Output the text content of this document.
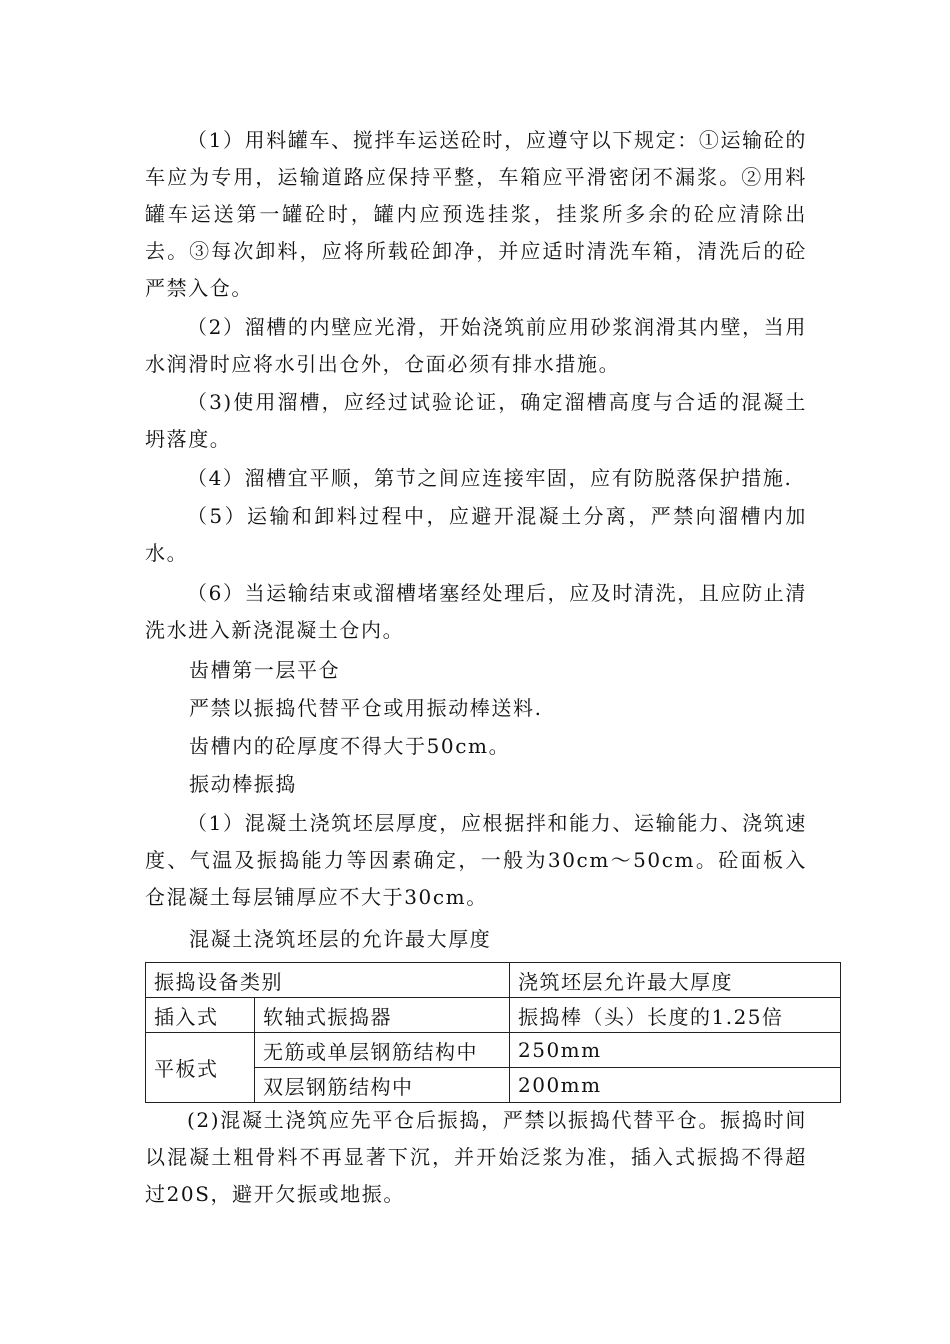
（1）用料罐车、搅拌车运送砼时，应遵守以下规定：①运输砼的车应为专用，运输道路应保持平整，车箱应平滑密闭不漏浆。②用料罐车运送第一罐砼时，罐内应预选挂浆，挂浆所多余的砼应清除出去。③每次卸料，应将所载砼卸净，并应适时清洗车箱，清洗后的砼严禁入仓。
（2）溜槽的内壁应光滑，开始浇筑前应用砂浆润滑其内壁，当用水润滑时应将水引出仓外，仓面必须有排水措施。
（3)使用溜槽，应经过试验论证，确定溜槽高度与合适的混凝土坍落度。
（4）溜槽宜平顺，第节之间应连接牢固，应有防脱落保护措施.
（5）运输和卸料过程中，应避开混凝土分离，严禁向溜槽内加水。
（6）当运输结束或溜槽堵塞经处理后，应及时清洗，且应防止清洗水进入新浇混凝土仓内。
齿槽第一层平仓
严禁以振捣代替平仓或用振动棒送料.
齿槽内的砼厚度不得大于50cm。
振动棒振捣
（1）混凝土浇筑坯层厚度，应根据拌和能力、运输能力、浇筑速度、气温及振捣能力等因素确定，一般为30cm～50cm。砼面板入仓混凝土每层铺厚应不大于30cm。
混凝土浇筑坯层的允许最大厚度
振捣设备类别		浇筑坯层允许最大厚度
插入式	软轴式振捣器	振捣棒（头）长度的1.25倍
平板式	无筋或单层钢筋结构中	250mm
	双层钢筋结构中	200mm
(2)混凝土浇筑应先平仓后振捣，严禁以振捣代替平仓。振捣时间以混凝土粗骨料不再显著下沉，并开始泛浆为准，插入式振捣不得超过20S，避开欠振或地振。
